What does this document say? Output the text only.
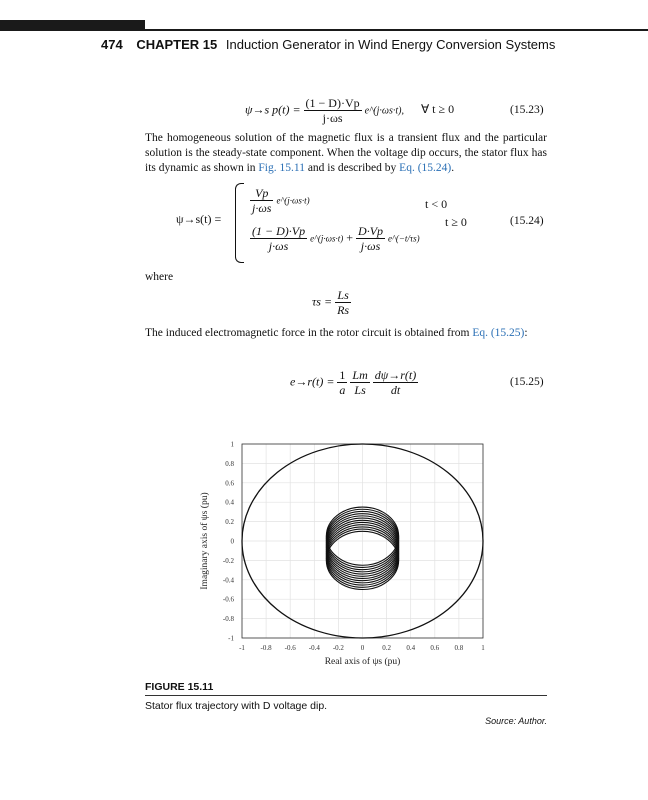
474 CHAPTER 15 Induction Generator in Wind Energy Conversion Systems
ψ→s $p(t) = \frac{(1 - D)\cdot Vp}{j\cdot\omega s}$ e^(j·ωs·t), ∀ t ≥ 0	(15.23)
The homogeneous solution of the magnetic flux is a transient flux and the particular solution is the steady-state component. When the voltage dip occurs, the stator flux has its dynamic as shown in Fig. 15.11 and is described by Eq. (15.24).
ψ→s(t) =
$\frac{Vp}{j\cdot\omega s}$ e^(j·ωs·t)	t < 0
$\frac{(1 - D)\cdot Vp}{j\cdot\omega s}$ e^(j·ωs·t) + $\frac{D\cdot Vp}{j\cdot\omega s}$ e^(−t/τs)
t ≥ 0	(15.24)
where
$\tau s = \frac{Ls}{Rs}$
The induced electromagnetic force in the rotor circuit is obtained from Eq. (15.25):
$e\to r(t) = \frac{1}{a}$
$\frac{Lm}{Ls}$
$\frac{d\psi\to r(t)}{dt}$	(15.25)
-1 -0.8 -0.6 -0.4 -0.2 0	0.2 0.4 0.6 0.8	1
1
0.8
0.6
0.4
0.2
0
-0.2
-0.4
-0.6
-0.8
-1
Real axis of ψs (pu)
Imaginary axis of ψs (pu)
FIGURE 15.11
Stator flux trajectory with D voltage dip.
Source: Author.
